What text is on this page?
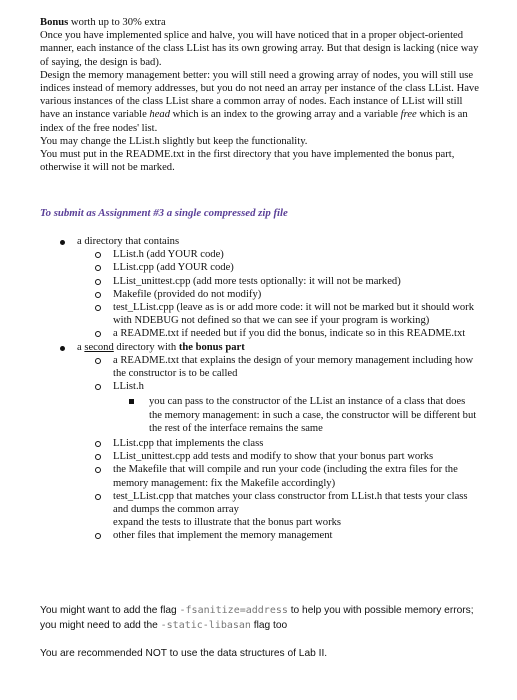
Bonus worth up to 30% extra

Once you have implemented splice and halve, you will have noticed that in a proper object-oriented manner, each instance of the class LList has its own growing array. But that design is lacking (nice way of saying, the design is bad).

Design the memory management better: you will still need a growing array of nodes, you will still use indices instead of memory addresses, but you do not need an array per instance of the class LList. Have various instances of the class LList share a common array of nodes. Each instance of LList will still have an instance variable head which is an index to the growing array and a variable free which is an index of the free nodes' list.

You may change the LList.h slightly but keep the functionality.

You must put in the README.txt in the first directory that you have implemented the bonus part, otherwise it will not be marked.

To submit as Assignment #3 a single compressed zip file
a directory that contains
LList.h (add YOUR code)
LList.cpp (add YOUR code)
LList_unittest.cpp (add more tests optionally: it will not be marked)
Makefile (provided do not modify)
test_LList.cpp (leave as is or add more code: it will not be marked but it should work with NDEBUG not defined so that we can see if your program is working)
a README.txt if needed but if you did the bonus, indicate so in this README.txt
a second directory with the bonus part
a README.txt that explains the design of your memory management including how the constructor is to be called
LList.h
you can pass to the constructor of the LList an instance of a class that does the memory management: in such a case, the constructor will be different but the rest of the interface remains the same
LList.cpp that implements the class
LList_unittest.cpp add tests and modify to show that your bonus part works
the Makefile that will compile and run your code (including the extra files for the memory management: fix the Makefile accordingly)
test_LList.cpp that matches your class constructor from LList.h that tests your class and dumps the common array
expand the tests to illustrate that the bonus part works
other files that implement the memory management
You might want to add the flag -fsanitize=address to help you with possible memory errors; you might need to add the -static-libasan flag too
You are recommended NOT to use the data structures of Lab II.
